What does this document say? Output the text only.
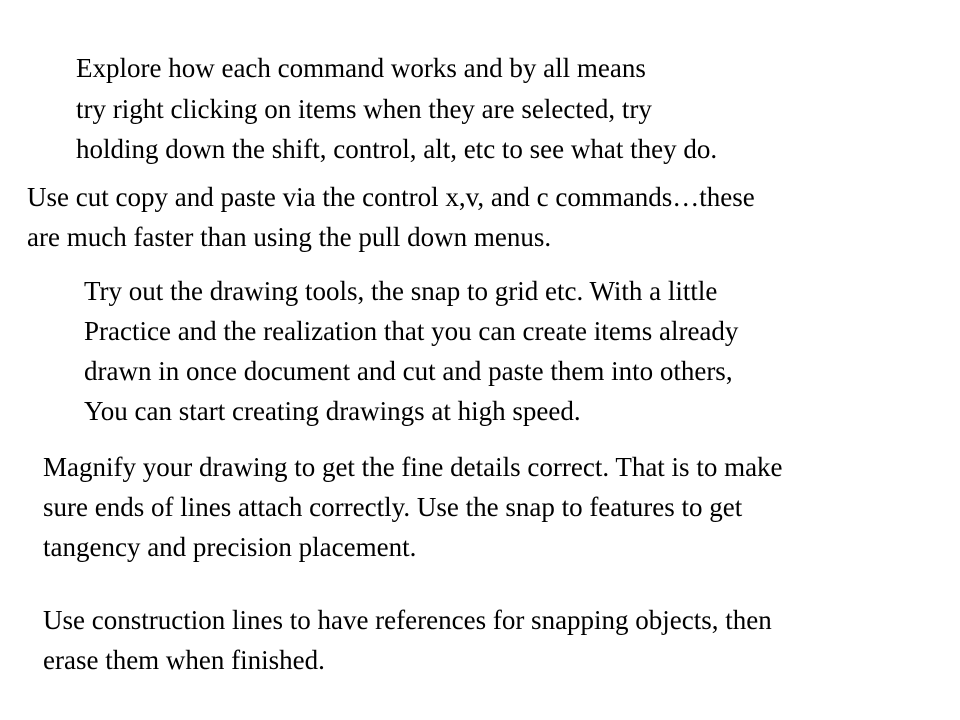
Explore how each command works and by all means
try right clicking on items when they are selected, try
holding down the shift, control, alt, etc to see what they do.
Use cut copy and paste via the control x,v, and c commands…these
are much faster than using the pull down menus.
Try out the drawing tools, the snap to grid etc. With a little
Practice and the realization that you can create items already
drawn in once document and cut and paste them into others,
You can start creating drawings at high speed.
Magnify your drawing to get the fine details correct. That is to make
sure ends of lines attach correctly. Use the snap to features to get
tangency and precision placement.
Use construction lines to have references for snapping objects, then
erase them when finished.
